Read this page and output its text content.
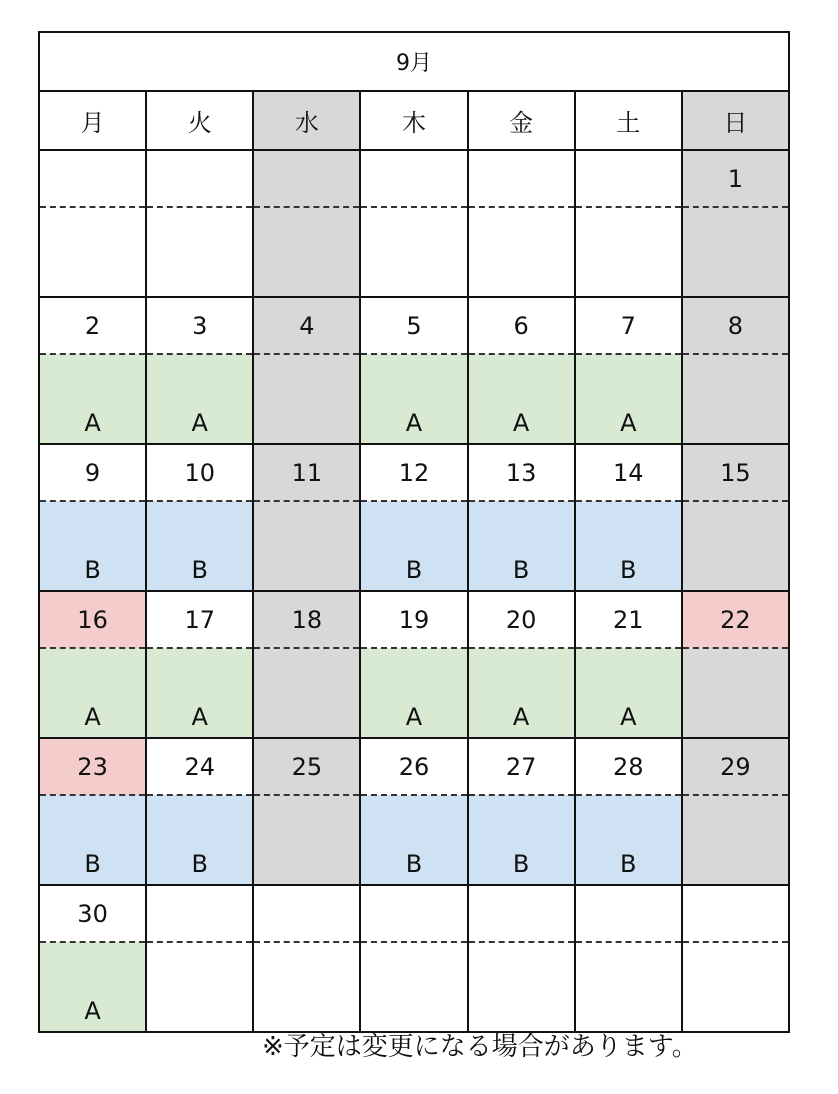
9月						
月	火	水	木	金	土	日
						1

2	3	4	5	6	7	8
A	A		A	A	A	
9	10	11	12	13	14	15
B	B		B	B	B	
16	17	18	19	20	21	22
A	A		A	A	A	
23	24	25	26	27	28	29
B	B		B	B	B	
30						
A						
※予定は変更になる場合があります。
